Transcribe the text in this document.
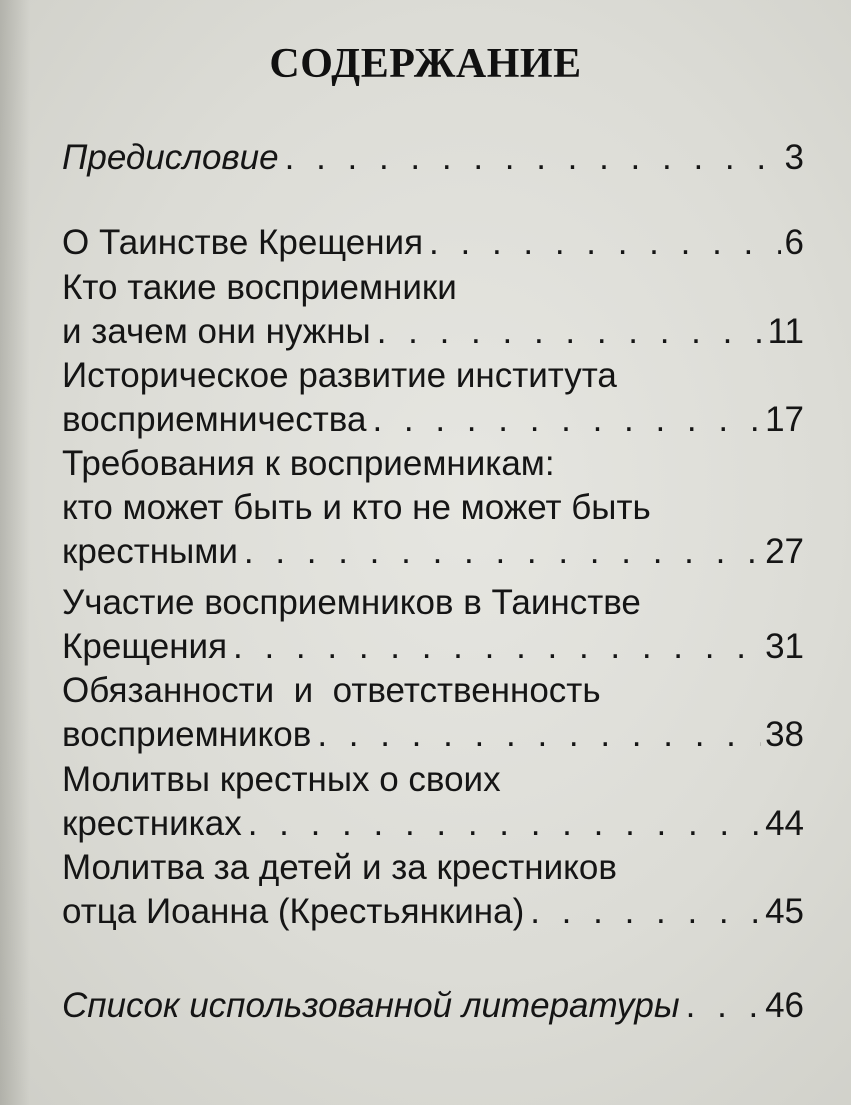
СОДЕРЖАНИЕ
Предисловие . . .	3
О Таинстве Крещения . . .	6
Кто такие восприемники
и зачем они нужны . . .	11
Историческое развитие института
восприемничества . . .	17
Требования к восприемникам:
кто может быть и кто не может быть
крестными . . .	27
Участие восприемников в Таинстве
Крещения . . .	31
Обязанности  и  ответственность
восприемников . . .	38
Молитвы крестных о своих
крестниках . . .	44
Молитва за детей и за крестников
отца Иоанна (Крестьянкина) . . .	45
Список использованной литературы . . . 46
